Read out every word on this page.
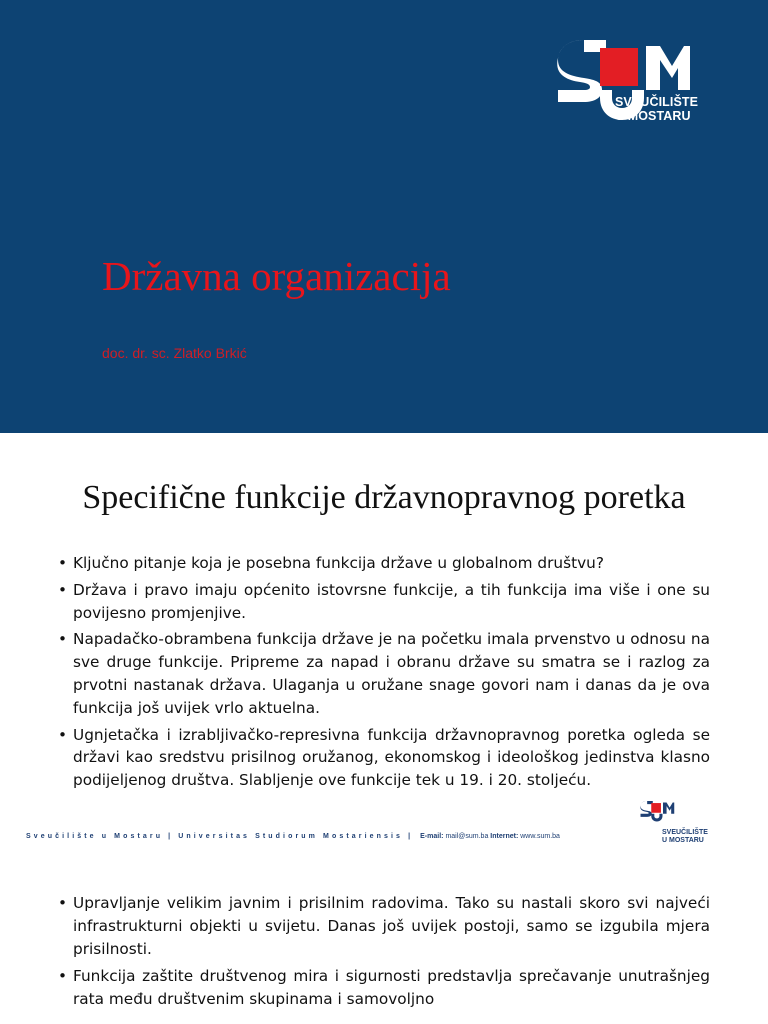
SVEUČILIŠTE
U MOSTARU
Državna organizacija
doc. dr. sc. Zlatko Brkić
Specifične funkcije državnopravnog poretka
• Ključno pitanje koja je posebna funkcija države u globalnom društvu?
• Država i pravo imaju općenito istovrsne funkcije, a tih funkcija ima više i one su povijesno promjenjive.
• Napadačko-obrambena funkcija države je na početku imala prvenstvo u odnosu na sve druge funkcije. Pripreme za napad i obranu države su smatra se i razlog za prvotni nastanak država. Ulaganja u oružane snage govori nam i danas da je ova funkcija još uvijek vrlo aktuelna.
• Ugnjetačka i izrabljivačko-represivna funkcija državnopravnog poretka ogleda se državi kao sredstvu prisilnog oružanog, ekonomskog i ideološkog jedinstva klasno podijeljenog društva. Slabljenje ove funkcije tek u 19. i 20. stoljeću.
SVEUČILIŠTE
U MOSTARU
Sveučilište u Mostaru | Universitas Studiorum Mostariensis | E-mail: mail@sum.ba Internet: www.sum.ba
• Upravljanje velikim javnim i prisilnim radovima. Tako su nastali skoro svi najveći infrastrukturni objekti u svijetu. Danas još uvijek postoji, samo se izgubila mjera prisilnosti.
• Funkcija zaštite društvenog mira i sigurnosti predstavlja sprečavanje unutrašnjeg rata među društvenim skupinama i samovoljno
